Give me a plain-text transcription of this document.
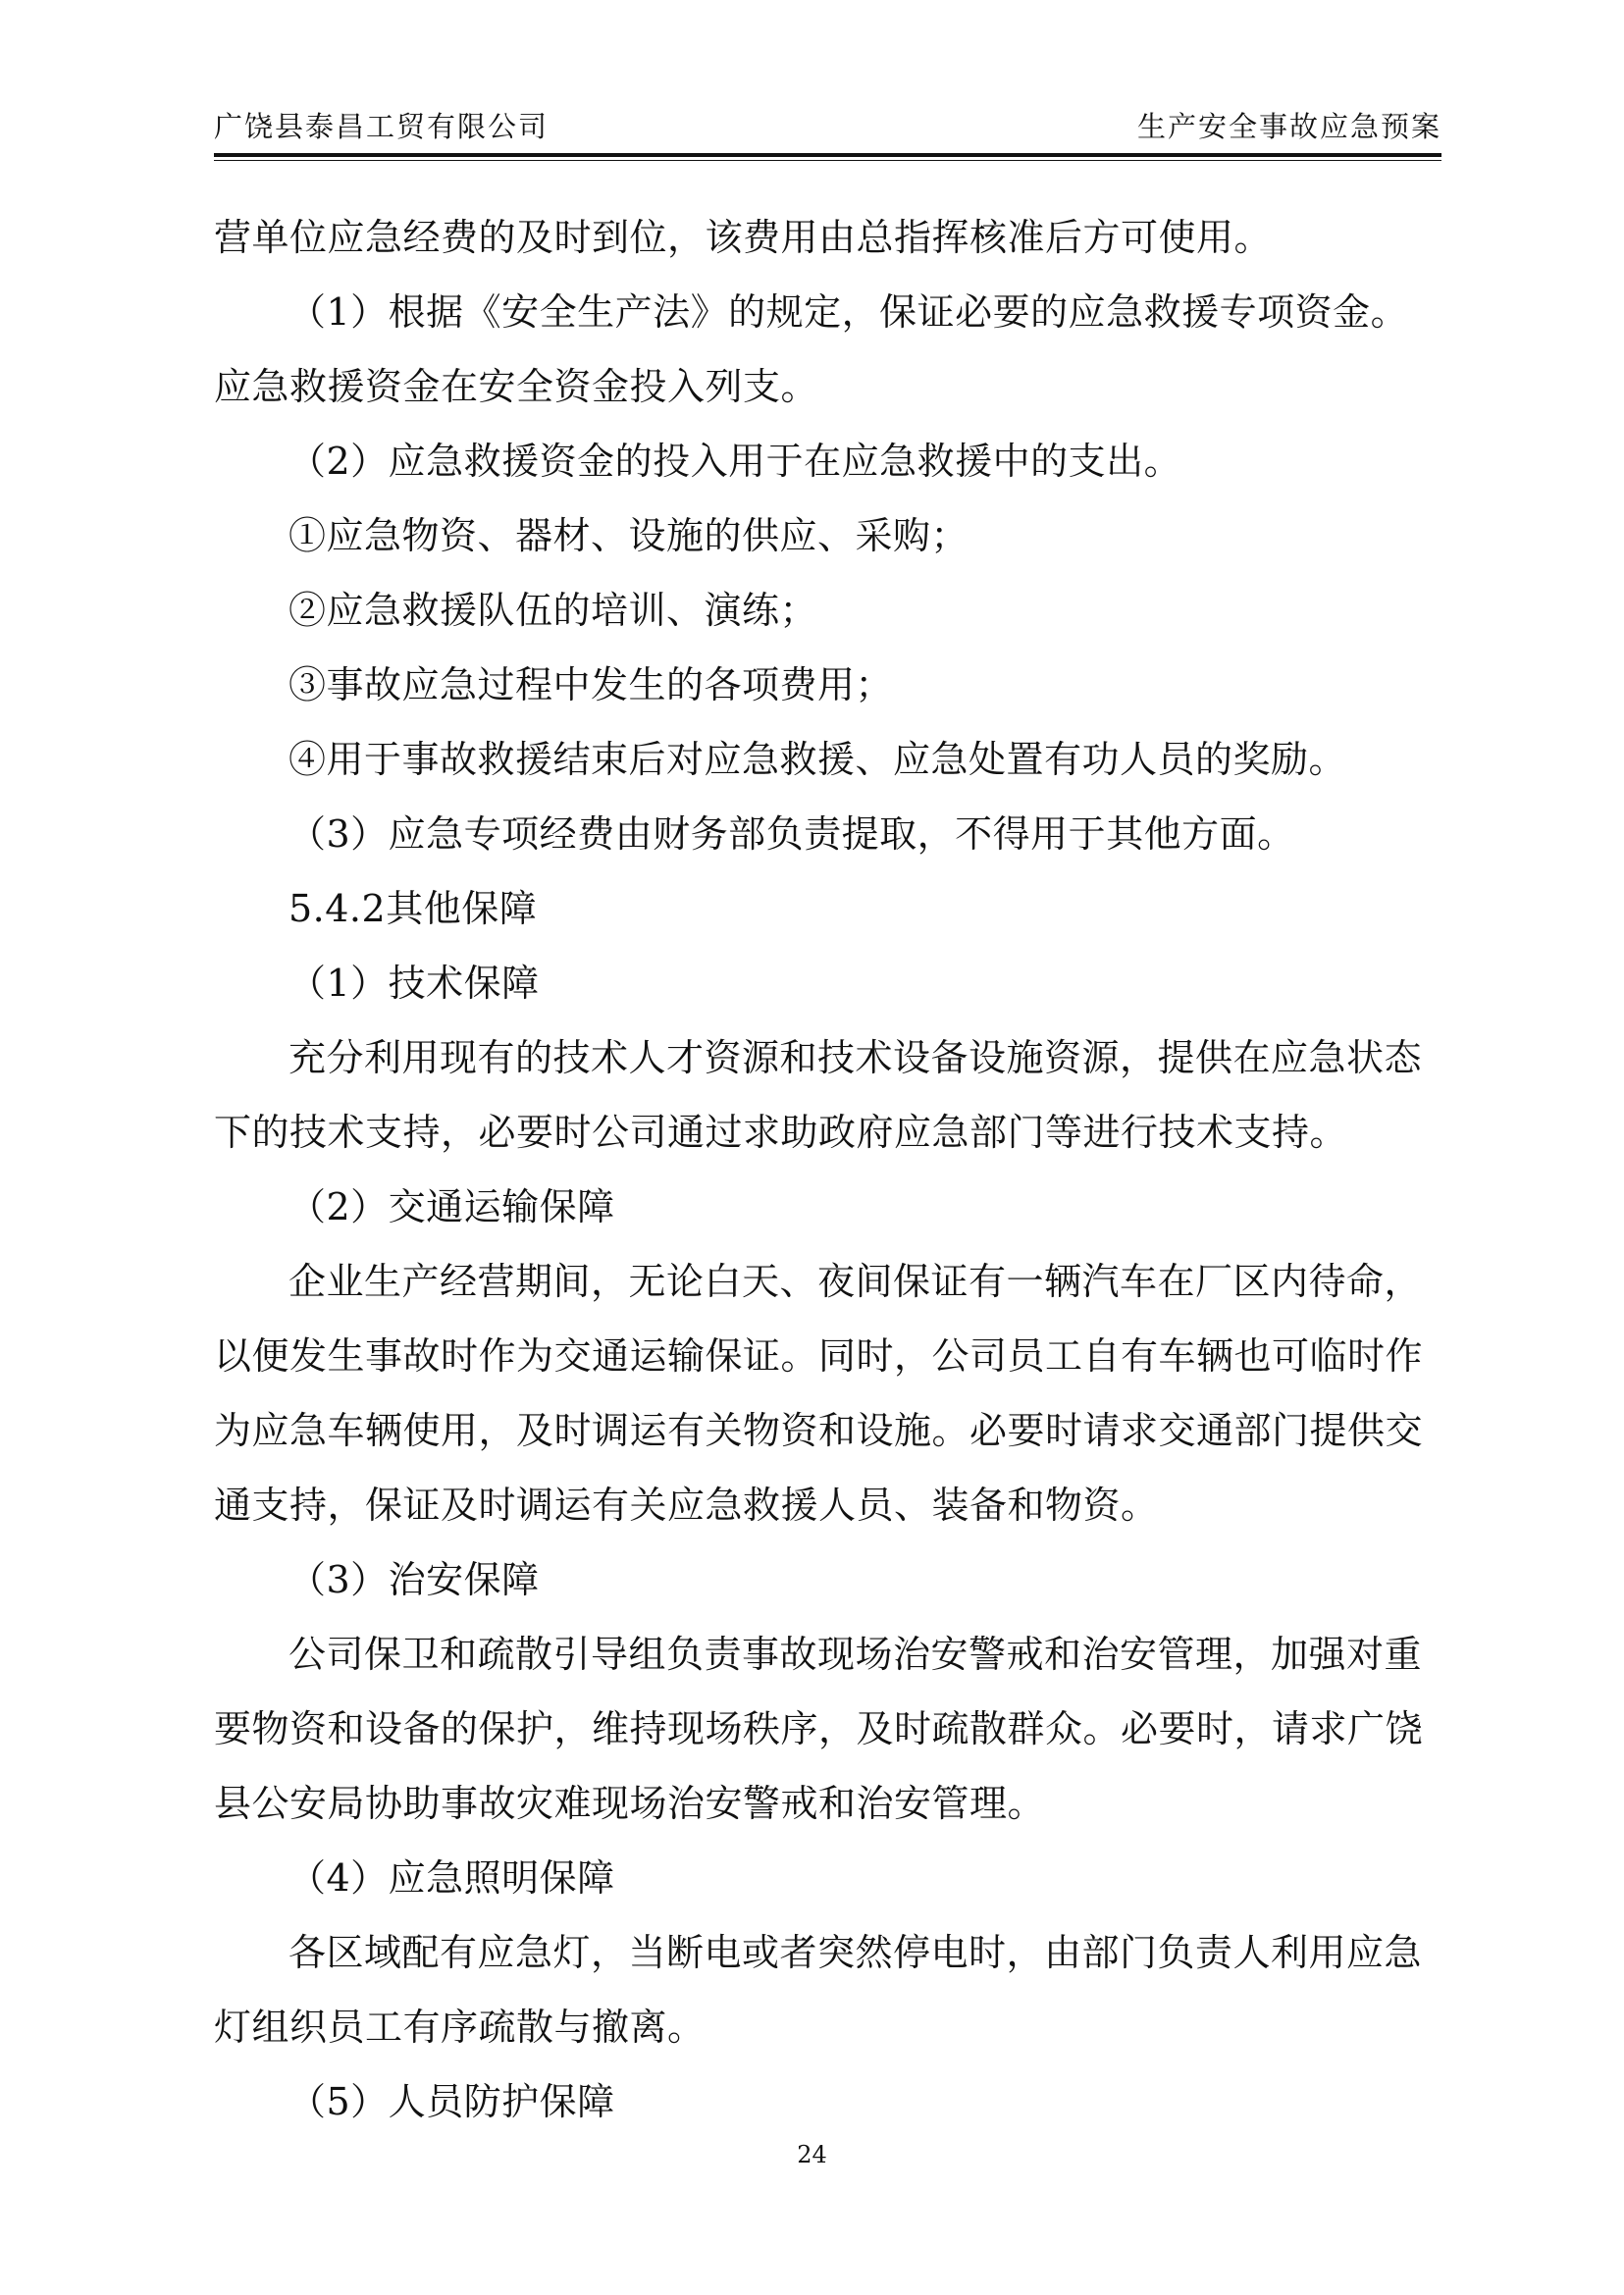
广饶县泰昌工贸有限公司	生产安全事故应急预案

营单位应急经费的及时到位，该费用由总指挥核准后方可使用。

（1）根据《安全生产法》的规定，保证必要的应急救援专项资金。应急救援资金在安全资金投入列支。

（2）应急救援资金的投入用于在应急救援中的支出。

①应急物资、器材、设施的供应、采购；

②应急救援队伍的培训、演练；

③事故应急过程中发生的各项费用；

④用于事故救援结束后对应急救援、应急处置有功人员的奖励。

（3）应急专项经费由财务部负责提取，不得用于其他方面。

5.4.2其他保障

（1）技术保障

充分利用现有的技术人才资源和技术设备设施资源，提供在应急状态下的技术支持，必要时公司通过求助政府应急部门等进行技术支持。

（2）交通运输保障

企业生产经营期间，无论白天、夜间保证有一辆汽车在厂区内待命，以便发生事故时作为交通运输保证。同时，公司员工自有车辆也可临时作为应急车辆使用，及时调运有关物资和设施。必要时请求交通部门提供交通支持，保证及时调运有关应急救援人员、装备和物资。

（3）治安保障

公司保卫和疏散引导组负责事故现场治安警戒和治安管理，加强对重要物资和设备的保护，维持现场秩序，及时疏散群众。必要时，请求广饶县公安局协助事故灾难现场治安警戒和治安管理。

（4）应急照明保障

各区域配有应急灯，当断电或者突然停电时，由部门负责人利用应急灯组织员工有序疏散与撤离。

（5）人员防护保障

24
